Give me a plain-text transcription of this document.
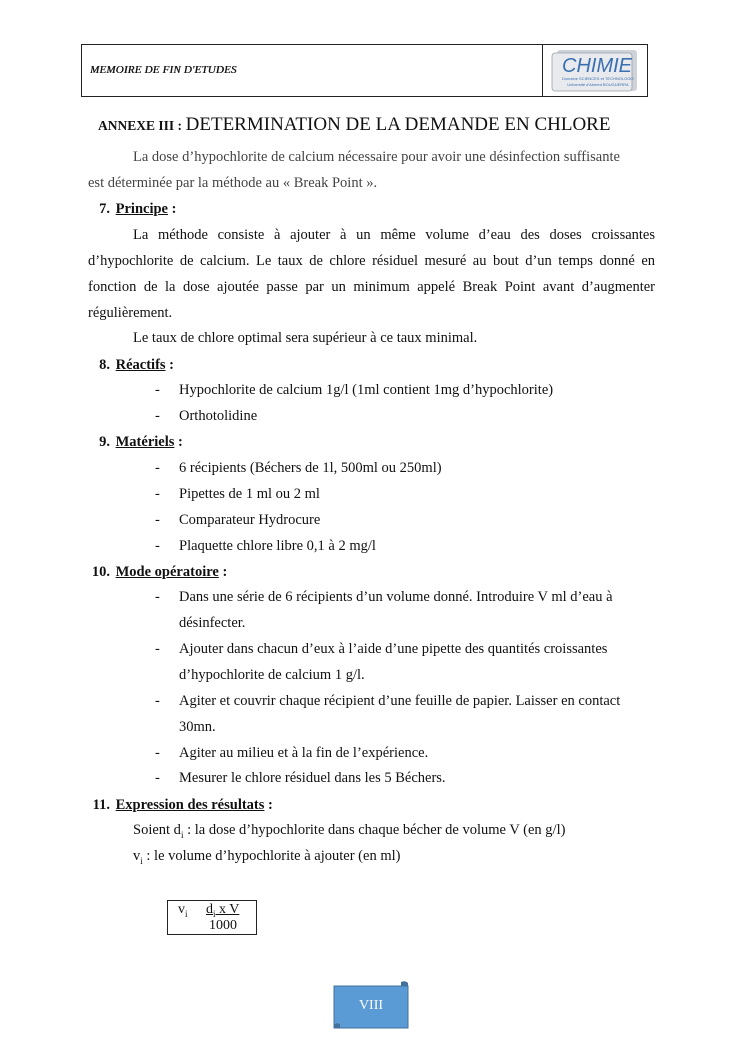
MEMOIRE DE FIN D'ETUDES	CHIMIE
Domaine SCIENCES et TECHNOLOGIE
Université d'Ahmed BOUGUERRA
ANNEXE III : DETERMINATION DE LA DEMANDE EN CHLORE
La dose d’hypochlorite de calcium nécessaire pour avoir une désinfection suffisante
est déterminée par la méthode au « Break Point ».
7. Principe :
La méthode consiste à ajouter à un même volume d’eau des doses croissantes
d’hypochlorite de calcium. Le taux de chlore résiduel mesuré au bout d’un temps donné en
fonction de la dose ajoutée passe par un minimum appelé Break Point avant d’augmenter
régulièrement.
Le taux de chlore optimal sera supérieur à ce taux minimal.
8. Réactifs :
- Hypochlorite de calcium 1g/l (1ml contient 1mg d’hypochlorite)
- Orthotolidine
9. Matériels :
- 6 récipients (Béchers de 1l, 500ml ou 250ml)
- Pipettes de 1 ml ou 2 ml
- Comparateur Hydrocure
- Plaquette chlore libre 0,1 à 2 mg/l
10. Mode opératoire :
- Dans une série de 6 récipients d’un volume donné. Introduire V ml d’eau à
désinfecter.
- Ajouter dans chacun d’eux à l’aide d’une pipette des quantités croissantes
d’hypochlorite de calcium 1 g/l.
- Agiter et couvrir chaque récipient d’une feuille de papier. Laisser en contact
30mn.
- Agiter au milieu et à la fin de l’expérience.
- Mesurer le chlore résiduel dans les 5 Béchers.
11. Expression des résultats :
Soient $d_i$ : la dose d’hypochlorite dans chaque bécher de volume V (en g/l)
$v_i$ : le volume d’hypochlorite à ajouter (en ml)
$v_i$ $d_i$ x V
1000
VIII
